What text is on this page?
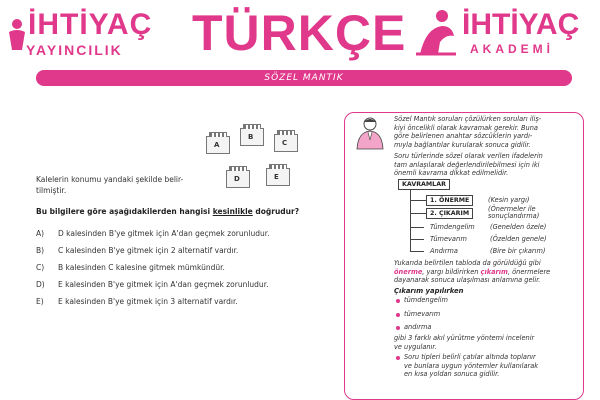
İHTİYAÇ
YAYINCILIK TÜRKÇE İHTİYAÇ
AKADEMİ
SÖZEL MANTIK
A
B
C
D	E
Kalelerin konumu yandaki şekilde belir-
tilmiştir.
Bu bilgilere göre aşağıdakilerden hangisi kesinlikle doğrudur?
A) D kalesinden B'ye gitmek için A'dan geçmek zorunludur.
B) C kalesinden B'ye gitmek için 2 alternatif vardır.
C) B kalesinden C kalesine gitmek mümkündür.
D) E kalesinden B'ye gitmek için A'dan geçmek zorunludur.
E) E kalesinden B'ye gitmek için 3 alternatif vardır.
Sözel Mantık soruları çözülürken soruları iliş-
kiyi öncelikli olarak kavramak gerekir. Buna
göre belirlenen anahtar sözcüklerin yardı-
mıyla bağlantılar kurularak sonuca gidilir.
Soru türlerinde sözel olarak verilen ifadelerin
tam anlaşılarak değerlendirilebilmesi için iki
önemli kavrama dikkat edilmelidir.
KAVRAMLAR
1. ÖNERME
2. ÇIKARIM
(Kesin yargı)
(Önermeler ile
sonuçlandırma)
Tümdengelim
Tümevarım
Andırma
(Genelden özele)
(Özelden genele)
(Bire bir çıkarım)
Yukarıda belirtilen tabloda da görüldüğü gibi
önerme, yargı bildirirken çıkarım, önermelere
dayanarak sonuca ulaşılması anlamına gelir.
Çıkarım yapılırken
tümdengelim
tümevarım
andırma
gibi 3 farklı akıl yürütme yöntemi incelenir
ve uygulanır.
Soru tipleri belirli çatılar altında toplanır
ve bunlara uygun yöntemler kullanılarak
en kısa yoldan sonuca gidilir.
